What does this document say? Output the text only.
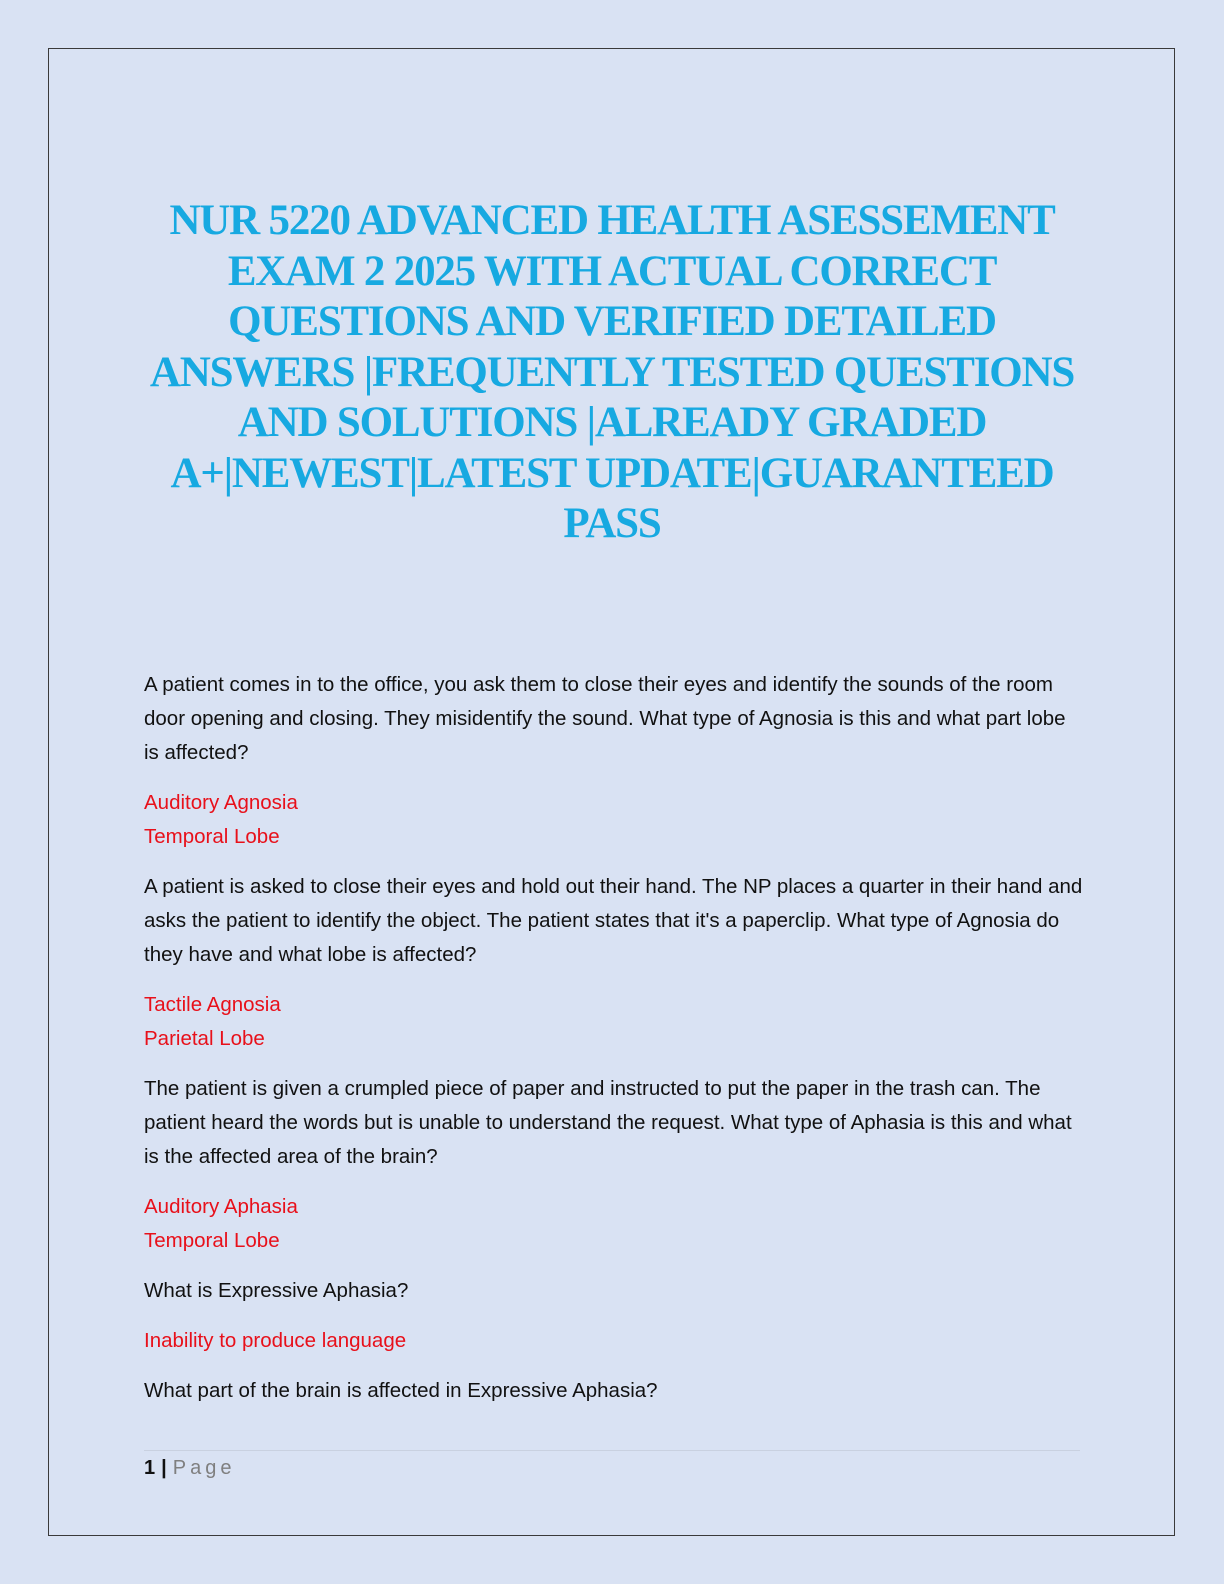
NUR 5220 ADVANCED HEALTH ASESSEMENT EXAM 2 2025 WITH ACTUAL CORRECT QUESTIONS AND VERIFIED DETAILED ANSWERS |FREQUENTLY TESTED QUESTIONS AND SOLUTIONS |ALREADY GRADED A+|NEWEST|LATEST UPDATE|GUARANTEED PASS

A patient comes in to the office, you ask them to close their eyes and identify the sounds of the room door opening and closing. They misidentify the sound. What type of Agnosia is this and what part lobe is affected?

Auditory Agnosia

Temporal Lobe

A patient is asked to close their eyes and hold out their hand. The NP places a quarter in their hand and asks the patient to identify the object. The patient states that it's a paperclip. What type of Agnosia do they have and what lobe is affected?

Tactile Agnosia

Parietal Lobe

The patient is given a crumpled piece of paper and instructed to put the paper in the trash can. The patient heard the words but is unable to understand the request. What type of Aphasia is this and what is the affected area of the brain?

Auditory Aphasia

Temporal Lobe

What is Expressive Aphasia?

Inability to produce language

What part of the brain is affected in Expressive Aphasia?

1 | Page
